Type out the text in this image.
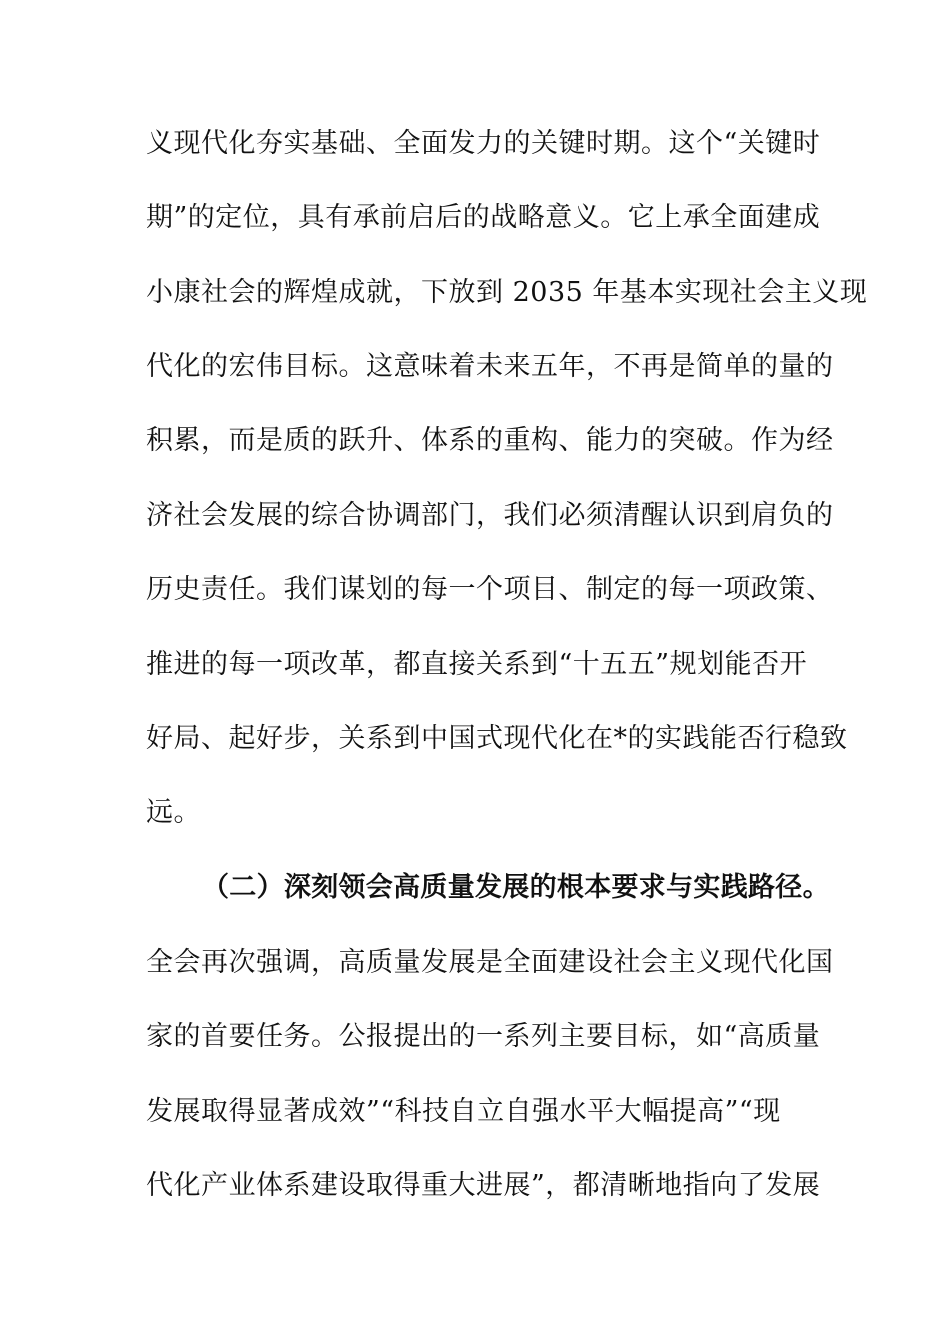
义现代化夯实基础、全面发力的关键时期。这个“关键时
期”的定位，具有承前启后的战略意义。它上承全面建成
小康社会的辉煌成就，下放到 2035 年基本实现社会主义现
代化的宏伟目标。这意味着未来五年，不再是简单的量的
积累，而是质的跃升、体系的重构、能力的突破。作为经
济社会发展的综合协调部门，我们必须清醒认识到肩负的
历史责任。我们谋划的每一个项目、制定的每一项政策、
推进的每一项改革，都直接关系到“十五五”规划能否开
好局、起好步，关系到中国式现代化在*的实践能否行稳致
远。
（二）深刻领会高质量发展的根本要求与实践路径。
全会再次强调，高质量发展是全面建设社会主义现代化国
家的首要任务。公报提出的一系列主要目标，如“高质量
发展取得显著成效”“科技自立自强水平大幅提高”“现
代化产业体系建设取得重大进展”，都清晰地指向了发展
